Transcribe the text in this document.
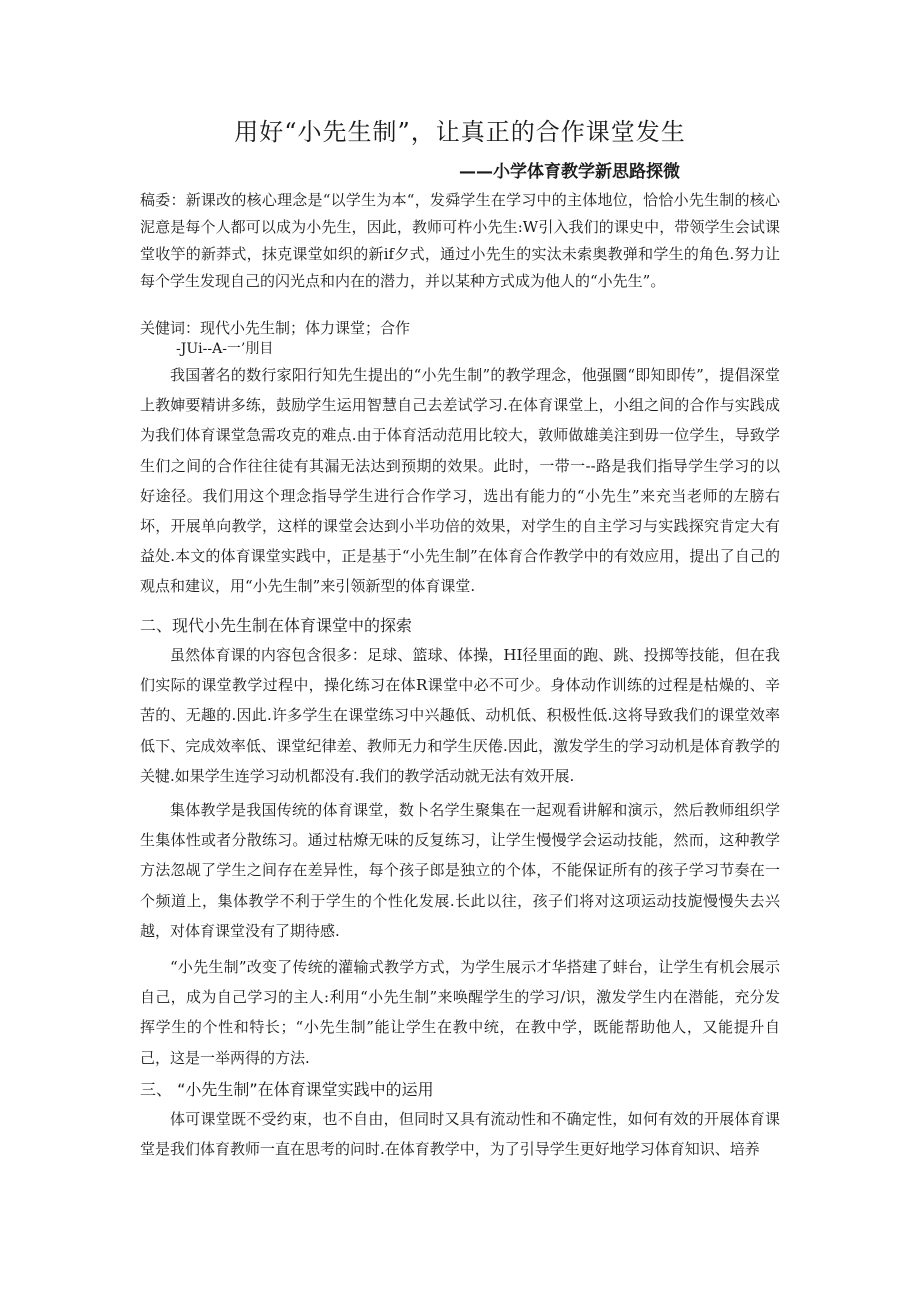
用好“小先生制”，让真正的合作课堂发生
——小学体育教学新思路探微

稿委：新课改的核心理念是“以学生为本“，发舜学生在学习中的主体地位，恰恰小先生制的核心泥意是每个人都可以成为小先生，因此，教师可杵小先生:W引入我们的课史中，带领学生会试课堂收竽的新莽式，抹克课堂如织的新if夕式，通过小先生的实汰未索奥教弹和学生的角色.努力让每个学生发现自己的闪光点和内在的潜力，并以某种方式成为他人的“小先生”。

关健词：现代小先生制；体力课堂；合作

-JUi--A-一’刖目

我国著名的数行家阳行知先生提出的“小先生制”的教学理念，他强圜“即知即传”，提倡深堂上教婶要精讲多练，鼓励学生运用智慧自己去差试学习.在体育课堂上，小组之间的合作与实践成为我们体育课堂急需攻克的难点.由于体育活动范用比较大，敦师做雄美注到毋一位学生，导致学生们之间的合作往往徒有其漏无法达到预期的效果。此时，一带一--路是我们指导学生学习的以好途径。我们用这个理念指导学生进行合作学习，选出有能力的“小先生”来充当老师的左膀右坏，开展单向教学，这样的课堂会达到小半功倍的效果，对学生的自主学习与实践探究肯定大有益处.本文的体育课堂实践中，正是基于“小先生制”在体育合作教学中的有效应用，提出了自己的观点和建议，用“小先生制”来引领新型的体育课堂.

二、现代小先生制在体育课堂中的探索

虽然体育课的内容包含很多：足球、篮球、体操，HI径里面的跑、跳、投掷等技能，但在我们实际的课堂教学过程中，操化练习在体R课堂中必不可少。身体动作训练的过程是枯燥的、辛苦的、无趣的.因此.许多学生在课堂练习中兴趣低、动机低、积极性低.这将导致我们的课堂效率低下、完成效率低、课堂纪律差、教师无力和学生厌倦.因此，激发学生的学习动机是体育教学的关犍.如果学生连学习动机都没有.我们的教学活动就无法有效开展.

集体教学是我国传统的体育课堂，数卜名学生聚集在一起观看讲解和演示，然后教师组织学生集体性或者分散练习。通过枯燎无味的反复练习，让学生慢慢学会运动技能，然而，这种教学方法忽觇了学生之间存在差异性，每个孩子郎是独立的个体，不能保证所有的孩子学习节奏在一个频道上，集体教学不利于学生的个性化发展.长此以往，孩子们将对这项运动技旎慢慢失去兴越，对体育课堂没有了期待感.

“小先生制”改变了传统的灌输式教学方式，为学生展示才华搭建了蚌台，让学生有机会展示自己，成为自己学习的主人:利用“小先生制”来唤醒学生的学习/识，激发学生内在潜能，充分发挥学生的个性和特长；“小先生制”能让学生在教中统，在教中学，既能帮助他人，又能提升自己，这是一举两得的方法.

三、 “小先生制”在体育课堂实践中的运用

体可课堂既不受约束，也不自由，但同时又具有流动性和不确定性，如何有效的开展体育课堂是我们体育教师一直在思考的问时.在体育教学中，为了引导学生更好地学习体育知识、培养
